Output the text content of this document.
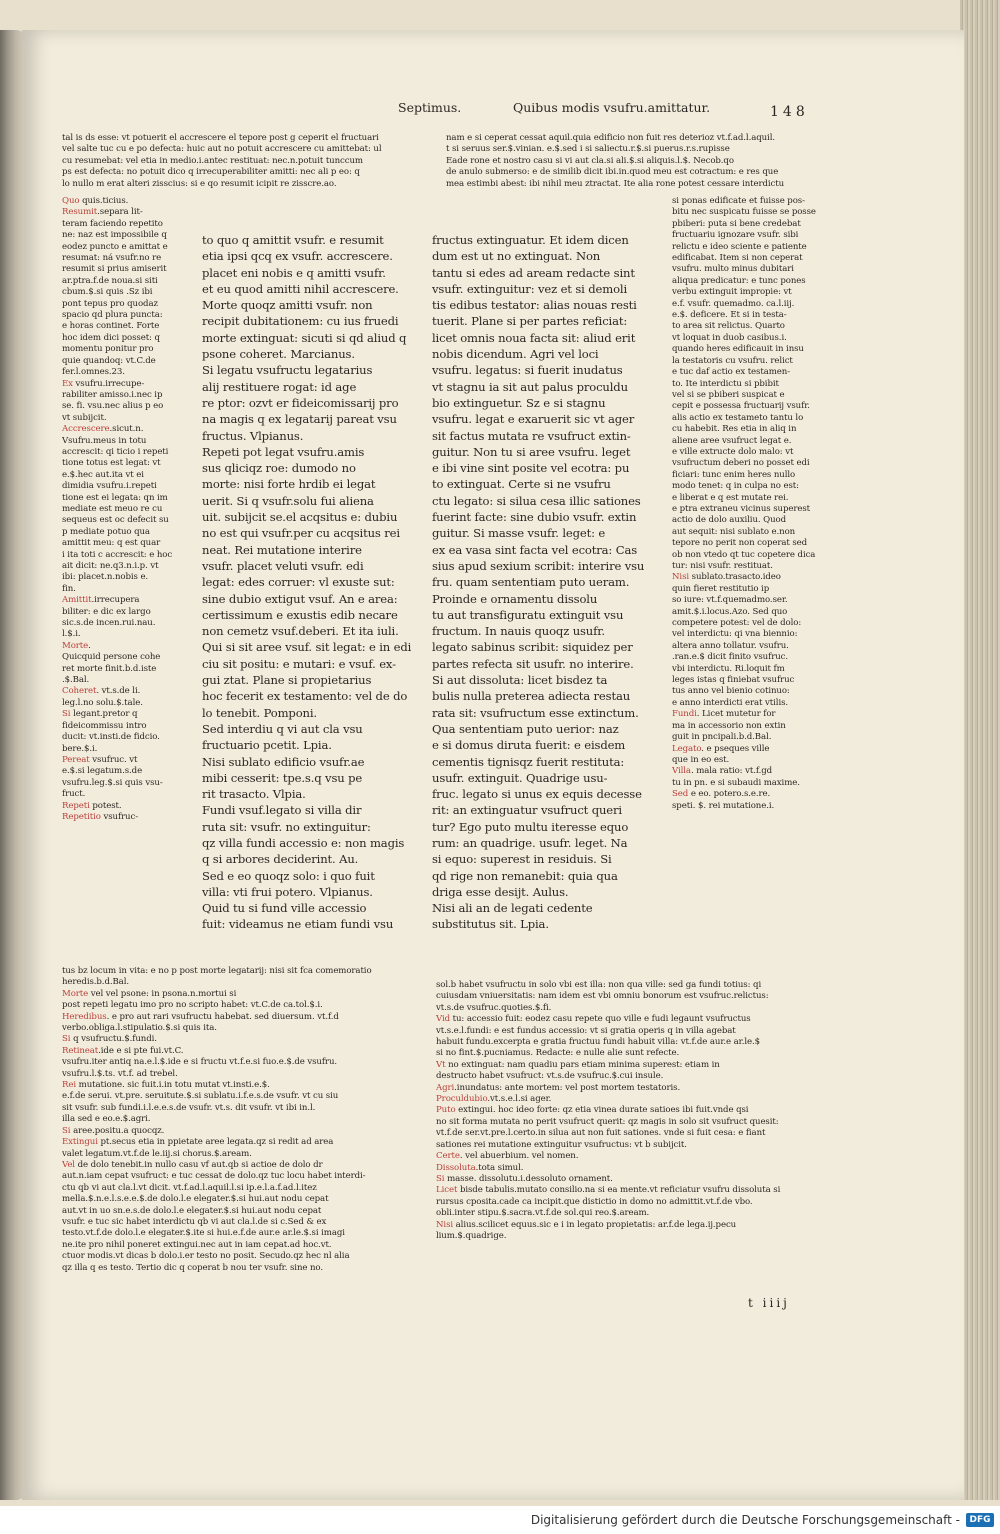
Septimus.	Quibus modis vsufru.amittatur.	148
tal is ds esse: vt potuerit el accrescere el tepore post g ceperit el fructuari
vel salte tuc cu e po defecta: huic aut no potuit accrescere cu amittebat: ul
cu resumebat: vel etia in medio.i.antec restituat: nec.n.potuit tunccum
ps est defecta: no potuit dico q irrecuperabiliter amitti: nec ali p eo: q
lo nullo m erat alteri zisscius: si e qo resumit icipit re zisscre.ao.
nam e si ceperat cessat aquil.quia edificio non fuit res deterioz vt.f.ad.l.aquil.
t si seruus ser.$.vinian. e.$.sed i si saliectu.r.$.si puerus.r.s.rupisse
Eade rone et nostro casu si vi aut cla.si ali.$.si aliquis.l.$. Necob.qo
de anulo submerso: e de similib dicit ibi.in.quod meu est cotractum: e res que
mea estimbi abest: ibi nihil meu ztractat. Ite alia rone potest cessare interdictu
Quo quis.ticius.
Resumit.separa lit-
teram faciendo repetito
ne: naz est impossibile q
eodez puncto e amittat e
resumat: ná vsufr.no re
resumit si prius amiserit
ar.ptra.f.de noua.si siti
cbum.$.si quis .Sz ibi
pont tepus pro quodaz
spacio qd plura puncta:
e horas continet. Forte
hoc idem dici posset: q
momentu ponitur pro
quie quandoq: vt.C.de
fer.l.omnes.23.
Ex vsufru.irrecupe-
rabiliter amisso.i.nec ip
se. fi. vsu.nec alius p eo
vt subijcit.
Accrescere.sicut.n.
Vsufru.meus in totu
accrescit: qi ticio i repeti
tione totus est legat: vt
e.$.hec aut.ita vt ei
dimidia vsufru.i.repeti
tione est ei legata: qn im
mediate est meuo re cu
sequeus est oc defecit su
p mediate potuo qua
amittit meu: q est quar
i ita toti c accrescit: e hoc
ait dicit: ne.q3.n.i.p. vt
ibi: placet.n.nobis e.
fin.
Amittit.irrecupera
biliter: e dic ex largo
sic.s.de incen.rui.nau.
l.$.i.
Morte.
Quicquid persone cohe
ret morte finit.b.d.iste
.$.Bal.
Coheret. vt.s.de li.
leg.l.no solu.$.tale.
Si legant.pretor q
fideicommissu intro
ducit: vt.insti.de fidcio.
bere.$.i.
Pereat vsufruc. vt
e.$.si legatum.s.de
vsufru.leg.$.si quis vsu-
fruct.
Repeti potest.
Repetitio vsufruc-
to quo q amittit vsufr. e resumit
etia ipsi qcq ex vsufr. accrescere.
placet eni nobis e q amitti vsufr.
et eu quod amitti nihil accrescere.
Morte quoqz amitti vsufr. non
recipit dubitationem: cu ius fruedi
morte extinguat: sicuti si qd aliud q
psone coheret. Marcianus.
Si legatu vsufructu legatarius
alij restituere rogat: id age
re ptor: ozvt er fideicomissarij pro
na magis q ex legatarij pareat vsu
fructus. Vlpianus.
Repeti pot legat vsufru.amis
sus qliciqz roe: dumodo no
morte: nisi forte hrdib ei legat
uerit. Si q vsufr.solu fui aliena
uit. subijcit se.el acqsitus e: dubiu
no est qui vsufr.per cu acqsitus rei
neat. Rei mutatione interire
vsufr. placet veluti vsufr. edi
legat: edes corruer: vl exuste sut:
sine dubio extigut vsuf. An e area:
certissimum e exustis edib necare
non cemetz vsuf.deberi. Et ita iuli.
Qui si sit aree vsuf. sit legat: e in edi
ciu sit positu: e mutari: e vsuf. ex-
gui ztat. Plane si propietarius
hoc fecerit ex testamento: vel de do
lo tenebit. Pomponi.
Sed interdiu q vi aut cla vsu
fructuario pcetit. Lpia.
Nisi sublato edificio vsufr.ae
mibi cesserit: tpe.s.q vsu pe
rit trasacto. Vlpia.
Fundi vsuf.legato si villa dir
ruta sit: vsufr. no extinguitur:
qz villa fundi accessio e: non magis
q si arbores deciderint. Au.
Sed e eo quoqz solo: i quo fuit
villa: vti frui potero. Vlpianus.
Quid tu si fund ville accessio
fuit: videamus ne etiam fundi vsu
fructus extinguatur. Et idem dicen
dum est ut no extinguat. Non
tantu si edes ad aream redacte sint
vsufr. extinguitur: vez et si demoli
tis edibus testator: alias nouas resti
tuerit. Plane si per partes reficiat:
licet omnis noua facta sit: aliud erit
nobis dicendum. Agri vel loci
vsufru. legatus: si fuerit inudatus
vt stagnu ia sit aut palus proculdu
bio extinguetur. Sz e si stagnu
vsufru. legat e exaruerit sic vt ager
sit factus mutata re vsufruct extin-
guitur. Non tu si aree vsufru. leget
e ibi vine sint posite vel ecotra: pu
to extinguat. Certe si ne vsufru
ctu legato: si silua cesa illic sationes
fuerint facte: sine dubio vsufr. extin
guitur. Si masse vsufr. leget: e
ex ea vasa sint facta vel ecotra: Cas
sius apud sexium scribit: interire vsu
fru. quam sententiam puto ueram.
Proinde e ornamentu dissolu
tu aut transfiguratu extinguit vsu
fructum. In nauis quoqz usufr.
legato sabinus scribit: siquidez per
partes refecta sit usufr. no interire.
Si aut dissoluta: licet bisdez ta
bulis nulla preterea adiecta restau
rata sit: vsufructum esse extinctum.
Qua sententiam puto uerior: naz
e si domus diruta fuerit: e eisdem
cementis tignisqz fuerit restituta:
usufr. extinguit. Quadrige usu-
fruc. legato si unus ex equis decesse
rit: an extinguatur vsufruct queri
tur? Ego puto multu iteresse equo
rum: an quadrige. usufr. leget. Na
si equo: superest in residuis. Si
qd rige non remanebit: quia qua
driga esse desijt. Aulus.
Nisi ali an de legati cedente
substitutus sit. Lpia.
si ponas edificate et fuisse pos-
bitu nec suspicatu fuisse se posse
pbiberi: puta si bene credebat
fructuariu ignozare vsufr. sibi
relictu e ideo sciente e patiente
edificabat. Item si non ceperat
vsufru. multo minus dubitari
aliqua predicatur: e tunc pones
verbu extinguit impropie: vt
e.f. vsufr. quemadmo. ca.l.iij.
e.$. deficere. Et si in testa-
to area sit relictus. Quarto
vt loquat in duob casibus.i.
quando heres edificauit in insu
la testatoris cu vsufru. relict
e tuc daf actio ex testamen-
to. Ite interdictu si pbibit
vel si se pbiberi suspicat e
cepit e possessa fructuarij vsufr.
alis actio ex testameto tantu lo
cu habebit. Res etia in aliq in
aliene aree vsufruct legat e.
e ville extructe dolo malo: vt
vsufructum deberi no posset edi
ficiari: tunc enim heres nullo
modo tenet: q in culpa no est:
e liberat e q est mutate rei.
e ptra extraneu vicinus superest
actio de dolo auxiliu. Quod
aut sequit: nisi sublato e.non
tepore no perit non coperat sed
ob non vtedo qt tuc copetere dica
tur: nisi vsufr. restituat.
Nisi sublato.trasacto.ideo
quin fieret restitutio ip
so iure: vt.f.quemadmo.ser.
amit.$.i.locus.Azo. Sed quo
competere potest: vel de dolo:
vel interdictu: qi vna biennio:
altera anno tollatur. vsufru.
.ran.e.$ dicit finito vsufruc.
vbi interdictu. Ri.loquit fm
leges istas q finiebat vsufruc
tus anno vel bienio cotinuo:
e anno interdicti erat vtilis.
Fundi. Licet mutetur for
ma in accessorio non extin
guit in pncipali.b.d.Bal.
Legato. e pseques ville
que in eo est.
Villa. mala ratio: vt.f.gd
tu in pn. e si subaudi maxime.
Sed e eo. potero.s.e.re.
speti. $. rei mutatione.i.
tus bz locum in vita: e no p post morte legatarij: nisi sit fca comemoratio
heredis.b.d.Bal.
Morte vel vel psone: in psona.n.mortui si
post repeti legatu imo pro no scripto habet: vt.C.de ca.tol.$.i.
Heredibus. e pro aut rari vsufructu habebat. sed diuersum. vt.f.d
verbo.obliga.l.stipulatio.$.si quis ita.
Si q vsufructu.$.fundi.
Retineat.ide e si pte fui.vt.C.
vsufru.iter antiq na.e.l.$.ide e si fructu vt.f.e.si fuo.e.$.de vsufru.
vsufru.l.$.ts. vt.f. ad trebel.
Rei mutatione. sic fuit.i.in totu mutat vt.insti.e.$.
e.f.de serui. vt.pre. seruitute.$.si sublatu.i.f.e.s.de vsufr. vt cu siu
sit vsufr. sub fundi.i.l.e.e.s.de vsufr. vt.s. dit vsufr. vt ibi in.l.
illa sed e eo.e.$.agri.
Si aree.positu.a quocqz.
Extingui pt.secus etia in ppietate aree legata.qz si redit ad area
valet legatum.vt.f.de le.iij.si chorus.$.aream.
Vel de dolo tenebit.in nullo casu vf aut.qb si actioe de dolo dr
aut.n.iam cepat vsufruct: e tuc cessat de dolo.qz tuc locu habet interdi-
ctu qb vi aut cla.l.vt dicit. vt.f.ad.l.aquil.l.si ip.e.l.a.f.ad.l.itez
mella.$.n.e.l.s.e.e.$.de dolo.l.e elegater.$.si hui.aut nodu cepat
aut.vt in uo sn.e.s.de dolo.l.e elegater.$.si hui.aut nodu cepat
vsufr. e tuc sic habet interdictu qb vi aut cla.l.de si c.Sed & ex
testo.vt.f.de dolo.l.e elegater.$.ite si hui.e.f.de aur.e ar.le.$.si imagi
ne.ite pro nihil poneret extingui.nec aut in iam cepat.ad hoc.vt.
ctuor modis.vt dicas b dolo.i.er testo no posit. Secudo.qz hec nl alia
qz illa q es testo. Tertio dic q coperat b nou ter vsufr. sine no.
sol.b habet vsufructu in solo vbi est illa: non qua ville: sed ga fundi totius: qi
cuiusdam vniuersitatis: nam idem est vbi omniu bonorum est vsufruc.relictus:
vt.s.de vsufruc.quoties.$.fi.
Vid tu: accessio fuit: eodez casu repete quo ville e fudi legaunt vsufructus
vt.s.e.l.fundi: e est fundus accessio: vt si gratia operis q in villa agebat
habuit fundu.excerpta e gratia fructuu fundi habuit villa: vt.f.de aur.e ar.le.$
si no fint.$.pucniamus. Redacte: e nulle alie sunt refecte.
Vt no extinguat: nam quadiu pars etiam minima superest: etiam in
destructo habet vsufruct: vt.s.de vsufruc.$.cui insule.
Agri.inundatus: ante mortem: vel post mortem testatoris.
Proculdubio.vt.s.e.l.si ager.
Puto extingui. hoc ideo forte: qz etia vinea durate satioes ibi fuit.vnde qsi
no sit forma mutata no perit vsufruct querit: qz magis in solo sit vsufruct quesit:
vt.f.de ser.vt.pre.l.certo.in silua aut non fuit sationes. vnde si fuit cesa: e fiant
sationes rei mutatione extinguitur vsufructus: vt b subijcit.
Certe. vel abuerbium. vel nomen.
Dissoluta.tota simul.
Si masse. dissolutu.i.dessoluto ornament.
Licet bisde tabulis.mutato consilio.na si ea mente.vt reficiatur vsufru dissoluta si
rursus cposita.cade ca incipit.que distictio in domo no admittit.vt.f.de vbo.
obli.inter stipu.$.sacra.vt.f.de sol.qui reo.$.aream.
Nisi alius.scilicet equus.sic e i in legato propietatis: ar.f.de lega.ij.pecu
lium.$.quadrige.
t iiij
Digitalisierung gefördert durch die Deutsche Forschungsgemeinschaft -	DFG
